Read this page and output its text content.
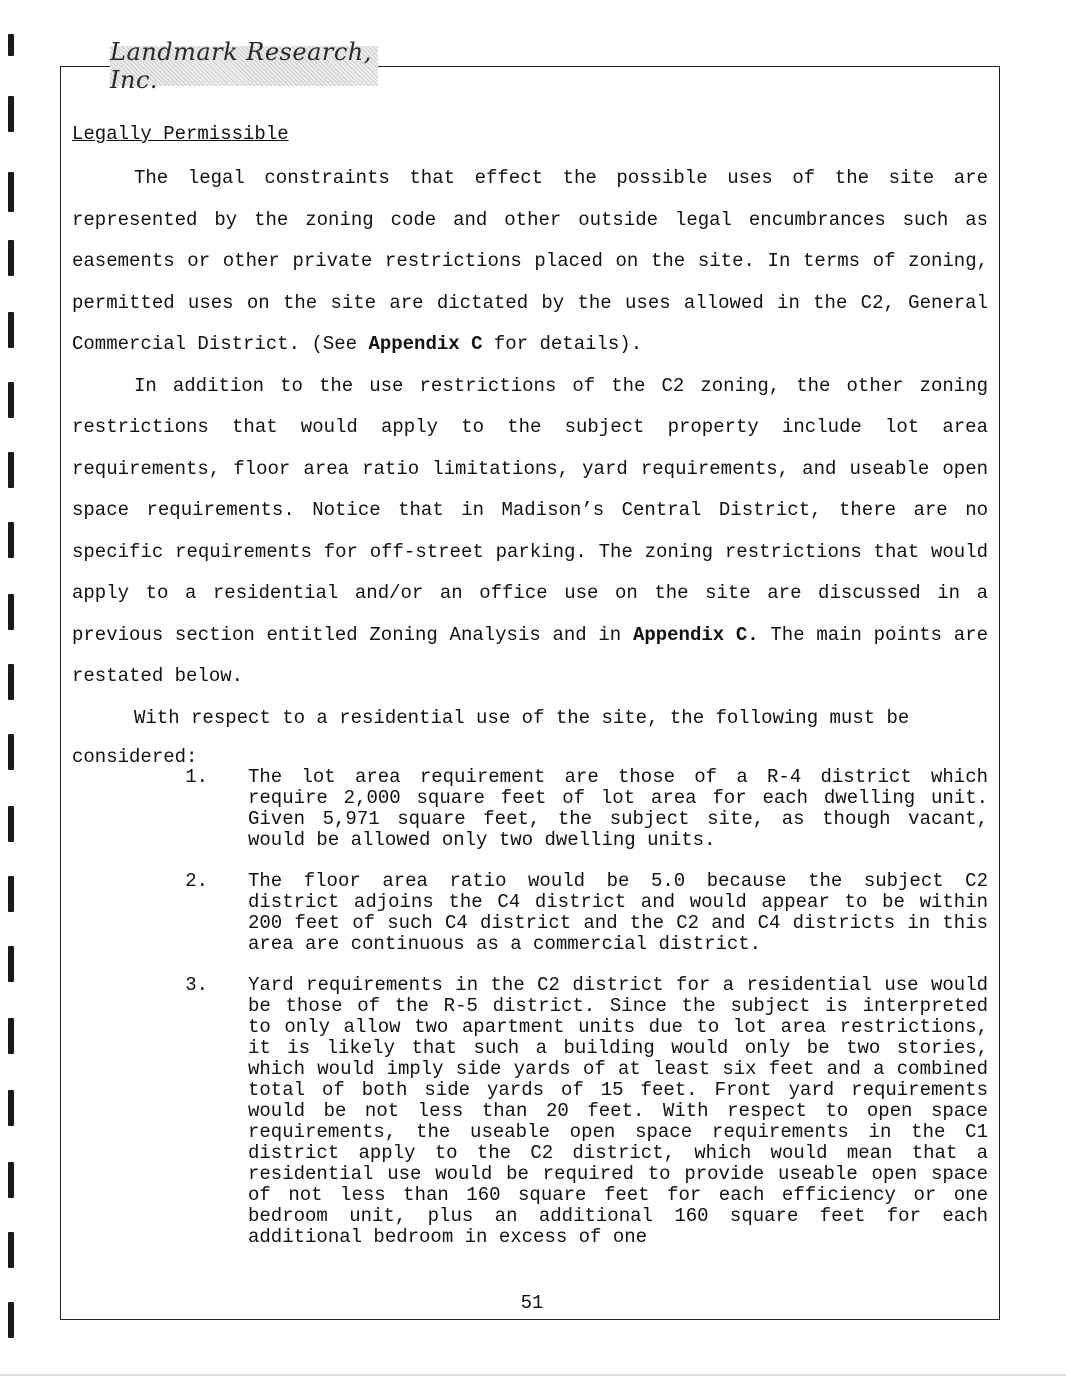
Landmark Research, Inc.

Legally Permissible

The legal constraints that effect the possible uses of the site are represented by the zoning code and other outside legal encumbrances such as easements or other private restrictions placed on the site. In terms of zoning, permitted uses on the site are dictated by the uses allowed in the C2, General Commercial District. (See Appendix C for details).

In addition to the use restrictions of the C2 zoning, the other zoning restrictions that would apply to the subject property include lot area requirements, floor area ratio limitations, yard requirements, and useable open space requirements. Notice that in Madison’s Central District, there are no specific requirements for off-street parking. The zoning restrictions that would apply to a residential and/or an office use on the site are discussed in a previous section entitled Zoning Analysis and in Appendix C. The main points are restated below.

With respect to a residential use of the site, the following must be

considered:
1.	The lot area requirement are those of a R-4 district which require 2,000 square feet of lot area for each dwelling unit. Given 5,971 square feet, the subject site, as though vacant, would be allowed only two dwelling units.
2.	The floor area ratio would be 5.0 because the subject C2 district adjoins the C4 district and would appear to be within 200 feet of such C4 district and the C2 and C4 districts in this area are continuous as a commercial district.
3.	Yard requirements in the C2 district for a residential use would be those of the R-5 district. Since the subject is interpreted to only allow two apartment units due to lot area restrictions, it is likely that such a building would only be two stories, which would imply side yards of at least six feet and a combined total of both side yards of 15 feet. Front yard requirements would be not less than 20 feet. With respect to open space requirements, the useable open space requirements in the C1 district apply to the C2 district, which would mean that a residential use would be required to provide useable open space of not less than 160 square feet for each efficiency or one bedroom unit, plus an additional 160 square feet for each additional bedroom in excess of one
51
